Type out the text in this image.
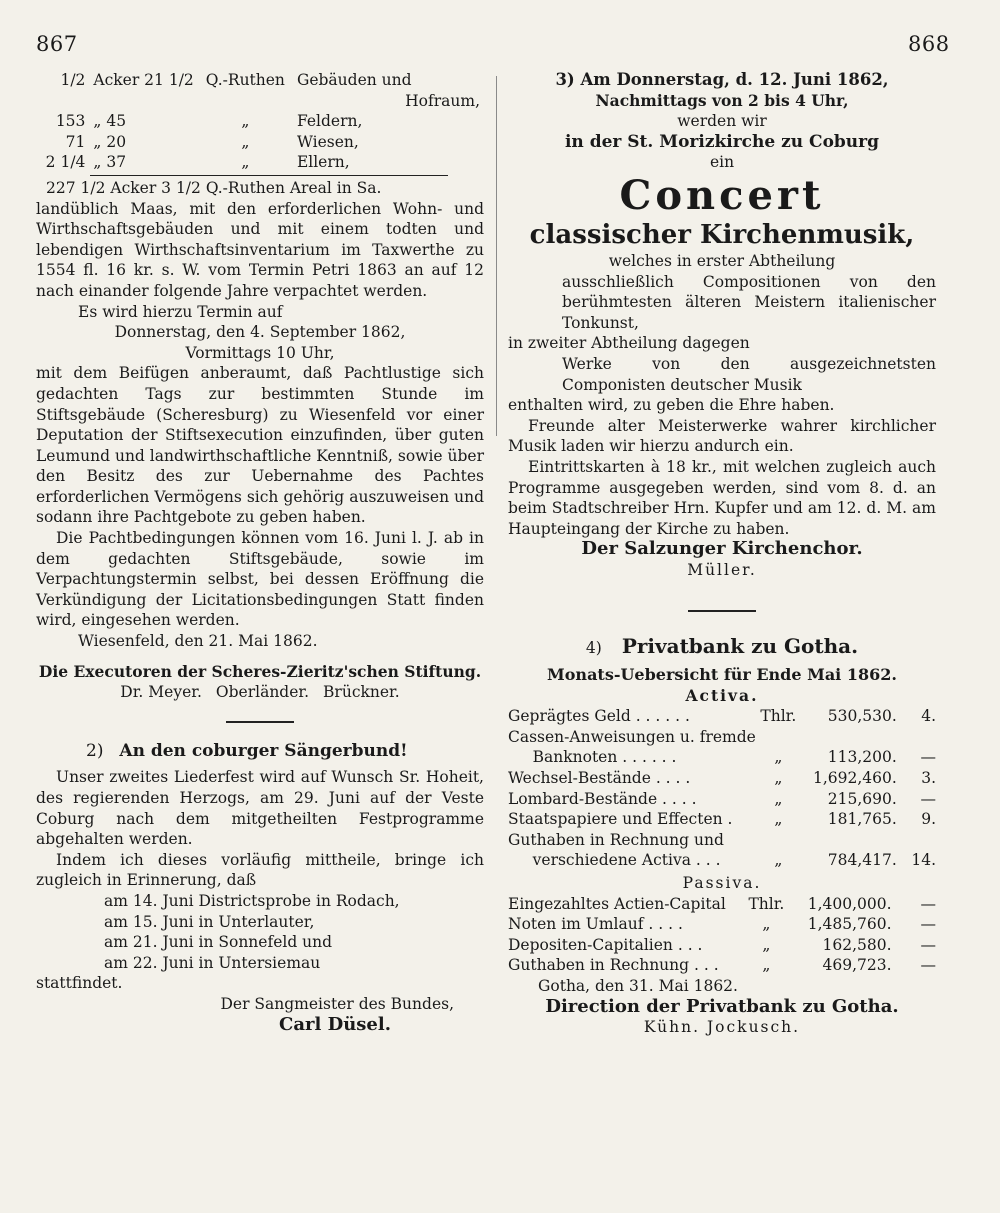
867	868
1/2	Acker 21 1/2	Q.-Ruthen	Gebäuden und
			Hofraum,
153	„ 45	„	Feldern,
71	„ 20	„	Wiesen,
2 1/4	„ 37	„	Ellern,

227 1/2 Acker 3 1/2 Q.-Ruthen Areal in Sa.

landüblich Maas, mit den erforderlichen Wohn- und Wirthschaftsgebäuden und mit einem todten und lebendigen Wirthschaftsinventarium im Taxwerthe zu 1554 fl. 16 kr. s. W. vom Termin Petri 1863 an auf 12 nach einander folgende Jahre verpachtet werden.

Es wird hierzu Termin auf

Donnerstag, den 4. September 1862,

Vormittags 10 Uhr,

mit dem Beifügen anberaumt, daß Pachtlustige sich gedachten Tags zur bestimmten Stunde im Stiftsgebäude (Scheresburg) zu Wiesenfeld vor einer Deputation der Stiftsexecution einzufinden, über guten Leumund und landwirthschaftliche Kenntniß, sowie über den Besitz des zur Uebernahme des Pachtes erforderlichen Vermögens sich gehörig auszuweisen und sodann ihre Pachtgebote zu geben haben.

Die Pachtbedingungen können vom 16. Juni l. J. ab in dem gedachten Stiftsgebäude, sowie im Verpachtungstermin selbst, bei dessen Eröffnung die Verkündigung der Licitationsbedingungen Statt finden wird, eingesehen werden.

Wiesenfeld, den 21. Mai 1862.

Die Executoren der Scheres-Zieritz'schen Stiftung.

Dr. Meyer. Oberländer. Brückner.

2) An den coburger Sängerbund!

Unser zweites Liederfest wird auf Wunsch Sr. Hoheit, des regierenden Herzogs, am 29. Juni auf der Veste Coburg nach dem mitgetheilten Festprogramme abgehalten werden.

Indem ich dieses vorläufig mittheile, bringe ich zugleich in Erinnerung, daß

am 14. Juni Districtsprobe in Rodach,

am 15. Juni in Unterlauter,

am 21. Juni in Sonnefeld und

am 22. Juni in Untersiemau

stattfindet.

Der Sangmeister des Bundes,

Carl Düsel.

3) Am Donnerstag, d. 12. Juni 1862,

Nachmittags von 2 bis 4 Uhr,

werden wir

in der St. Morizkirche zu Coburg

ein

Concert

classischer Kirchenmusik,

welches in erster Abtheilung

ausschließlich Compositionen von den berühmtesten älteren Meistern italienischer Tonkunst,

in zweiter Abtheilung dagegen

Werke von den ausgezeichnetsten Componisten deutscher Musik

enthalten wird, zu geben die Ehre haben.

Freunde alter Meisterwerke wahrer kirchlicher Musik laden wir hierzu andurch ein.

Eintrittskarten à 18 kr., mit welchen zugleich auch Programme ausgegeben werden, sind vom 8. d. an beim Stadtschreiber Hrn. Kupfer und am 12. d. M. am Haupteingang der Kirche zu haben.

Der Salzunger Kirchenchor.

Müller.

4) Privatbank zu Gotha.

Monats-Uebersicht für Ende Mai 1862.

Activa.

Geprägtes Geld . . . . . .	Thlr.	530,530.	4.
Cassen-Anweisungen u. fremde			
Banknoten . . . . . .	„	113,200.	—
Wechsel-Bestände . . . .	„	1,692,460.	3.
Lombard-Bestände . . . .	„	215,690.	—
Staatspapiere und Effecten .	„	181,765.	9.
Guthaben in Rechnung und			
verschiedene Activa . . .	„	784,417.	14.

Passiva.

Eingezahltes Actien-Capital	Thlr.	1,400,000.	—
Noten im Umlauf . . . .	„	1,485,760.	—
Depositen-Capitalien . . .	„	162,580.	—
Guthaben in Rechnung . . .	„	469,723.	—

Gotha, den 31. Mai 1862.

Direction der Privatbank zu Gotha.

Kühn. Jockusch.
